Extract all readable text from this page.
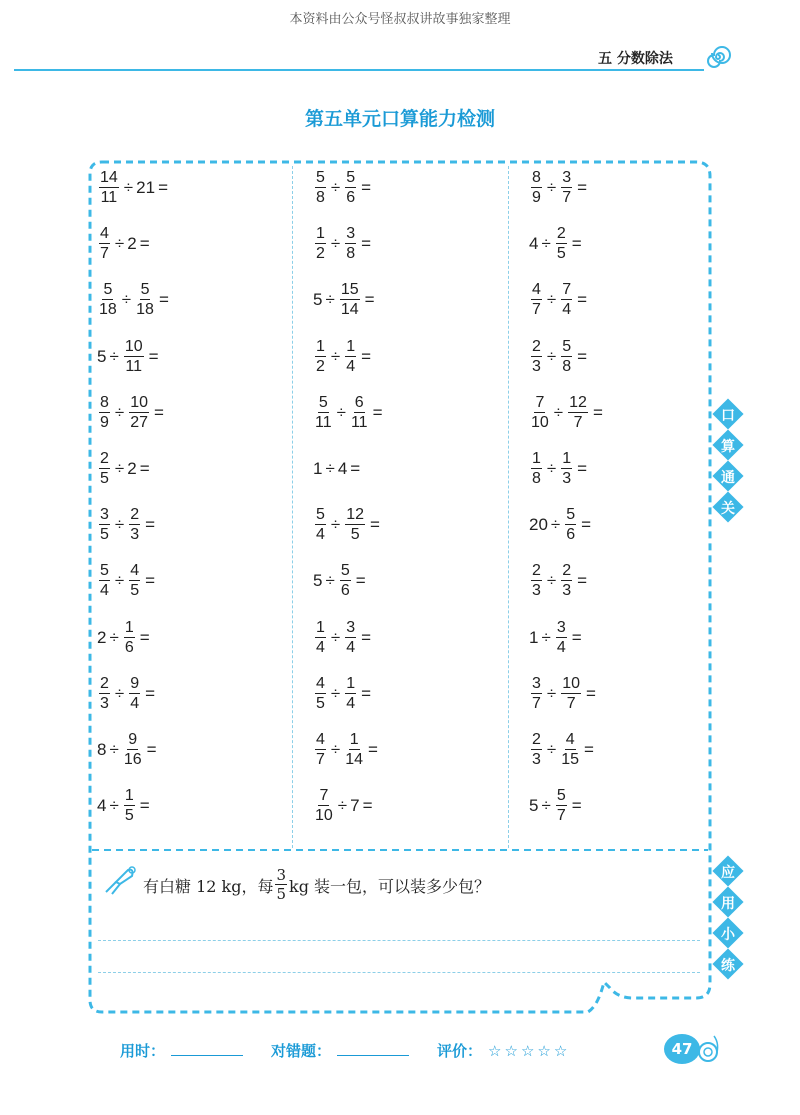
本资料由公众号怪叔叔讲故事独家整理
五 分数除法
第五单元口算能力检测
$\frac{14}{11} \div 21$ =
$\frac{4}{7} \div 2$ =
$\frac{5}{18} \div \frac{5}{18}$ =
$5 \div \frac{10}{11}$ =
$\frac{8}{9} \div \frac{10}{27}$ =
$\frac{2}{5} \div 2$ =
$\frac{3}{5} \div \frac{2}{3}$ =
$\frac{5}{4} \div \frac{4}{5}$ =
$2 \div \frac{1}{6}$ =
$\frac{2}{3} \div \frac{9}{4}$ =
$8 \div \frac{9}{16}$ =
$4 \div \frac{1}{5}$ =
$\frac{5}{8} \div \frac{5}{6}$ =
$\frac{1}{2} \div \frac{3}{8}$ =
$5 \div \frac{15}{14}$ =
$\frac{1}{2} \div \frac{1}{4}$ =
$\frac{5}{11} \div \frac{6}{11}$ =
1 ÷ 4 =
$\frac{5}{4} \div \frac{12}{5}$ =
$5 \div \frac{5}{6}$ =
$\frac{1}{4} \div \frac{3}{4}$ =
$\frac{4}{5} \div \frac{1}{4}$ =
$\frac{4}{7} \div \frac{1}{14}$ =
$\frac{7}{10} \div 7$ =
$\frac{8}{9} \div \frac{3}{7}$ =
$4 \div \frac{2}{5}$ =
$\frac{4}{7} \div \frac{7}{4}$ =
$\frac{2}{3} \div \frac{5}{8}$ =
$\frac{7}{10} \div \frac{12}{7}$ =
$\frac{1}{8} \div \frac{1}{3}$ =
$20 \div \frac{5}{6}$ =
$\frac{2}{3} \div \frac{2}{3}$ =
$1 \div \frac{3}{4}$ =
$\frac{3}{7} \div \frac{10}{7}$ =
$\frac{2}{3} \div \frac{4}{15}$ =
$5 \div \frac{5}{7}$ =
口
算
通
关
应
用
小
练
有白糖 12 kg，每 $\frac{3}{5}$ kg 装一包，可以装多少包？
用时：	对错题：	评价： ☆☆☆☆☆	47
